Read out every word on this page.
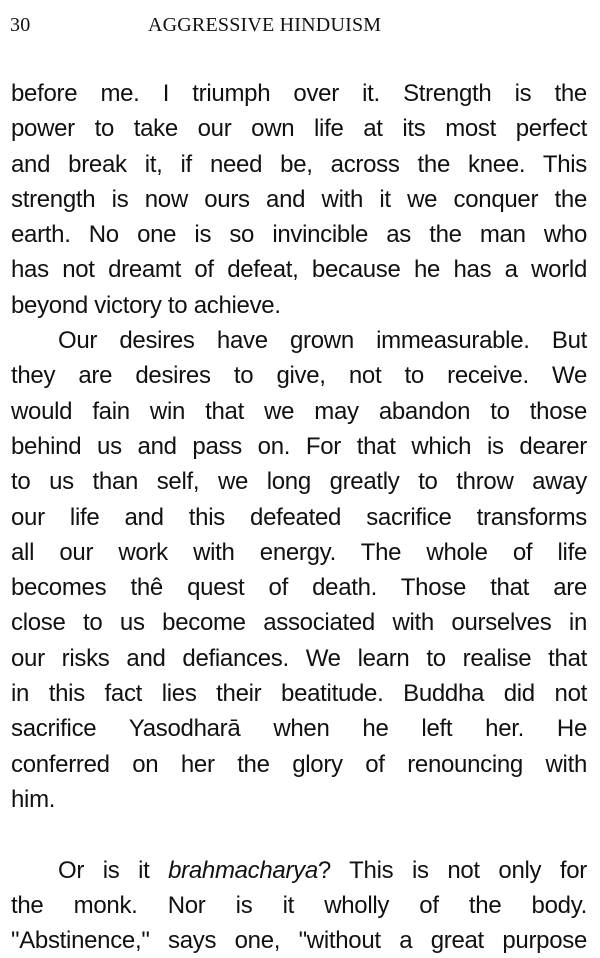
30	AGGRESSIVE HINDUISM
before me. I triumph over it. Strength is the
power to take our own life at its most perfect
and break it, if need be, across the knee. This
strength is now ours and with it we conquer the
earth. No one is so invincible as the man who
has not dreamt of defeat, because he has a world
beyond victory to achieve.
Our desires have grown immeasurable. But
they are desires to give, not to receive. We
would fain win that we may abandon to those
behind us and pass on. For that which is dearer
to us than self, we long greatly to throw away
our life and this defeated sacrifice transforms
all our work with energy. The whole of life
becomes thê quest of death. Those that are
close to us become associated with ourselves in
our risks and defiances. We learn to realise that
in this fact lies their beatitude. Buddha did not
sacrifice Yasodharā when he left her. He
conferred on her the glory of renouncing with
him.
Or is it brahmacharya? This is not only for
the monk. Nor is it wholly of the body.
"Abstinence," says one, "without a great purpose
